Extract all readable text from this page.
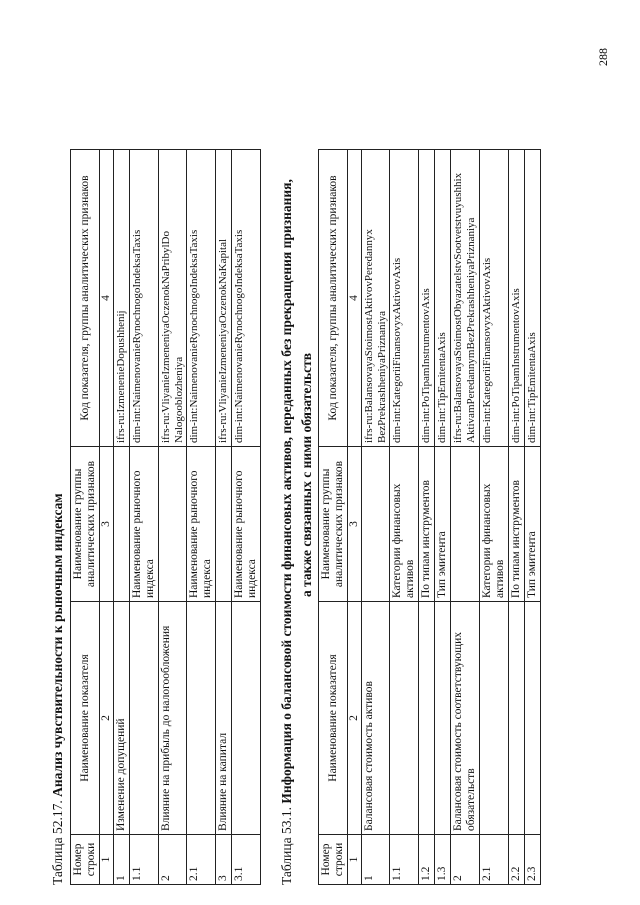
288
Таблица 52.17. Анализ чувствительности к рыночным индексам
Номер строки	Наименование показателя	Наименование группы аналитических признаков	Код показателя, группы аналитических признаков
1	2	3	4
1	Изменение допущений		ifrs-ru:IzmenenieDopushhenij
1.1		Наименование рыночного индекса	dim-int:NaimenovanieRynochnogoIndeksaTaxis
2	Влияние на прибыль до налогообложения		ifrs-ru:VliyanieIzmeneniyaOczenokNaPribylDo Nalogooblozheniya
2.1		Наименование рыночного индекса	dim-int:NaimenovanieRynochnogoIndeksaTaxis
3	Влияние на капитал		ifrs-ru:VliyanieIzmeneniyaOczenokNaKapital
3.1		Наименование рыночного индекса	dim-int:NaimenovanieRynochnogoIndeksaTaxis
Таблица 53.1. Информация о балансовой стоимости финансовых активов, переданных без прекращения признания, а также связанных с ними обязательств
Номер строки	Наименование показателя	Наименование группы аналитических признаков	Код показателя, группы аналитических признаков
1	2	3	4
1	Балансовая стоимость активов		ifrs-ru:BalansovayaStoimostAktivovPeredannyx BezPrekrashheniyaPriznaniya
1.1		Категории финансовых активов	dim-int:KategoriiFinansovyxAktivovAxis
1.2		По типам инструментов	dim-int:PoTipamInstrumentovAxis
1.3		Тип эмитента	dim-int:TipEmitentaAxis
2	Балансовая стоимость соответствующих обязательств		ifrs-ru:BalansovayaStoimostObyazatelstvSootvetstvuyushhix AktivamPeredannymBezPrekrashheniyaPriznaniya
2.1		Категории финансовых активов	dim-int:KategoriiFinansovyxAktivovAxis
2.2		По типам инструментов	dim-int:PoTipamInstrumentovAxis
2.3		Тип эмитента	dim-int:TipEmitentaAxis
